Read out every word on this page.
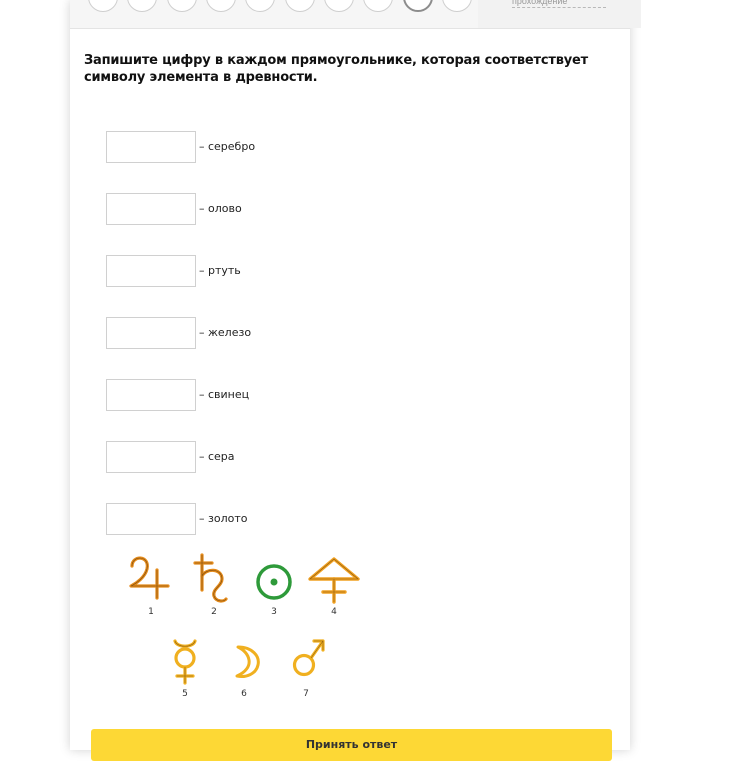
прохождение
Запишите цифру в каждом прямоугольнике, которая соответствует символу элемента в древности.
– серебро
– олово
– ртуть
– железо
– свинец
– сера
– золото
1	2	3	4
5	6	7
Принять ответ
